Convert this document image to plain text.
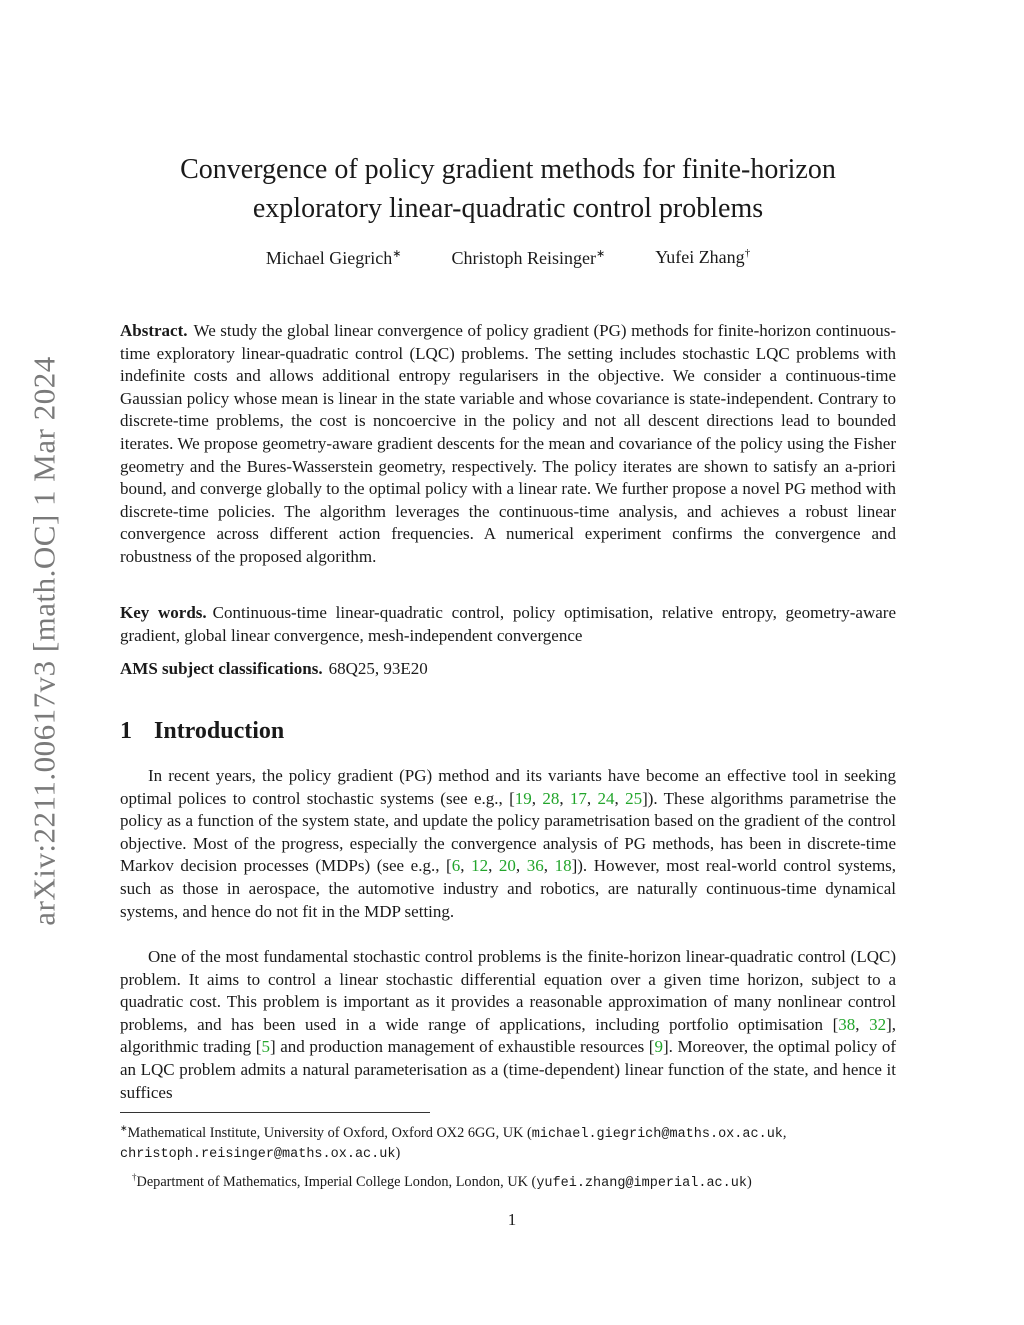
arXiv:2211.00617v3 [math.OC] 1 Mar 2024
Convergence of policy gradient methods for finite-horizon
exploratory linear-quadratic control problems
Michael Giegrich∗	Christoph Reisinger∗	Yufei Zhang†
Abstract. We study the global linear convergence of policy gradient (PG) methods for finite-horizon continuous-time exploratory linear-quadratic control (LQC) problems. The setting includes stochastic LQC problems with indefinite costs and allows additional entropy regularisers in the objective. We consider a continuous-time Gaussian policy whose mean is linear in the state variable and whose covariance is state-independent. Contrary to discrete-time problems, the cost is noncoercive in the policy and not all descent directions lead to bounded iterates. We propose geometry-aware gradient descents for the mean and covariance of the policy using the Fisher geometry and the Bures-Wasserstein geometry, respectively. The policy iterates are shown to satisfy an a-priori bound, and converge globally to the optimal policy with a linear rate. We further propose a novel PG method with discrete-time policies. The algorithm leverages the continuous-time analysis, and achieves a robust linear convergence across different action frequencies. A numerical experiment confirms the convergence and robustness of the proposed algorithm.
Key words. Continuous-time linear-quadratic control, policy optimisation, relative entropy, geometry-aware gradient, global linear convergence, mesh-independent convergence
AMS subject classifications. 68Q25, 93E20
1 Introduction
In recent years, the policy gradient (PG) method and its variants have become an effective tool in seeking optimal polices to control stochastic systems (see e.g., [19, 28, 17, 24, 25]). These algorithms parametrise the policy as a function of the system state, and update the policy parametrisation based on the gradient of the control objective. Most of the progress, especially the convergence analysis of PG methods, has been in discrete-time Markov decision processes (MDPs) (see e.g., [6, 12, 20, 36, 18]). However, most real-world control systems, such as those in aerospace, the automotive industry and robotics, are naturally continuous-time dynamical systems, and hence do not fit in the MDP setting.
One of the most fundamental stochastic control problems is the finite-horizon linear-quadratic control (LQC) problem. It aims to control a linear stochastic differential equation over a given time horizon, subject to a quadratic cost. This problem is important as it provides a reasonable approximation of many nonlinear control problems, and has been used in a wide range of applications, including portfolio optimisation [38, 32], algorithmic trading [5] and production management of exhaustible resources [9]. Moreover, the optimal policy of an LQC problem admits a natural parameterisation as a (time-dependent) linear function of the state, and hence it suffices
∗Mathematical Institute, University of Oxford, Oxford OX2 6GG, UK (michael.giegrich@maths.ox.ac.uk, christoph.reisinger@maths.ox.ac.uk)
†Department of Mathematics, Imperial College London, London, UK (yufei.zhang@imperial.ac.uk)
1
